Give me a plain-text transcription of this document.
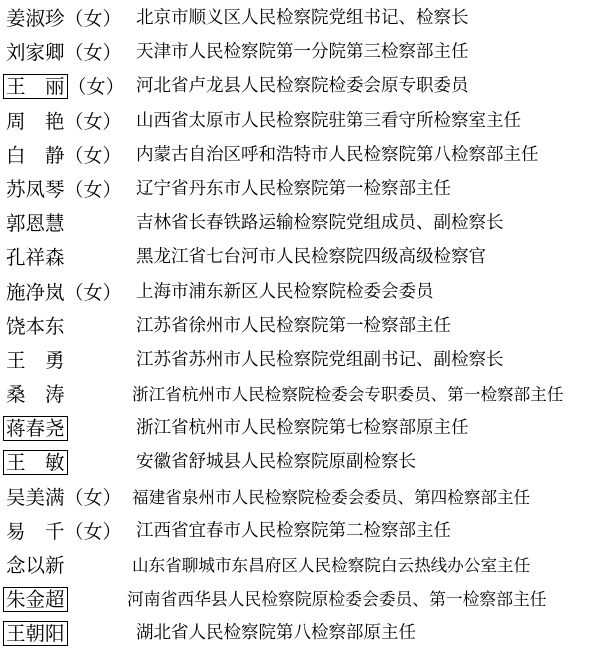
姜淑珍（女） 北京市顺义区人民检察院党组书记、检察长
刘家卿（女） 天津市人民检察院第一分院第三检察部主任
王　丽 （女） 河北省卢龙县人民检察院检委会原专职委员
周　艳（女） 山西省太原市人民检察院驻第三看守所检察室主任
白　静（女） 内蒙古自治区呼和浩特市人民检察院第八检察部主任
苏凤琴（女） 辽宁省丹东市人民检察院第一检察部主任
郭恩慧	吉林省长春铁路运输检察院党组成员、副检察长
孔祥森	黑龙江省七台河市人民检察院四级高级检察官
施净岚（女） 上海市浦东新区人民检察院检委会委员
饶本东	江苏省徐州市人民检察院第一检察部主任
王　勇	江苏省苏州市人民检察院党组副书记、副检察长
桑　涛	浙江省杭州市人民检察院检委会专职委员、第一检察部主任
蒋春尧	浙江省杭州市人民检察院第七检察部原主任
王　敏	安徽省舒城县人民检察院原副检察长
吴美满（女） 福建省泉州市人民检察院检委会委员、第四检察部主任
易　千（女） 江西省宜春市人民检察院第二检察部主任
念以新	山东省聊城市东昌府区人民检察院白云热线办公室主任
朱金超	河南省西华县人民检察院原检委会委员、第一检察部主任
王朝阳	湖北省人民检察院第八检察部原主任
